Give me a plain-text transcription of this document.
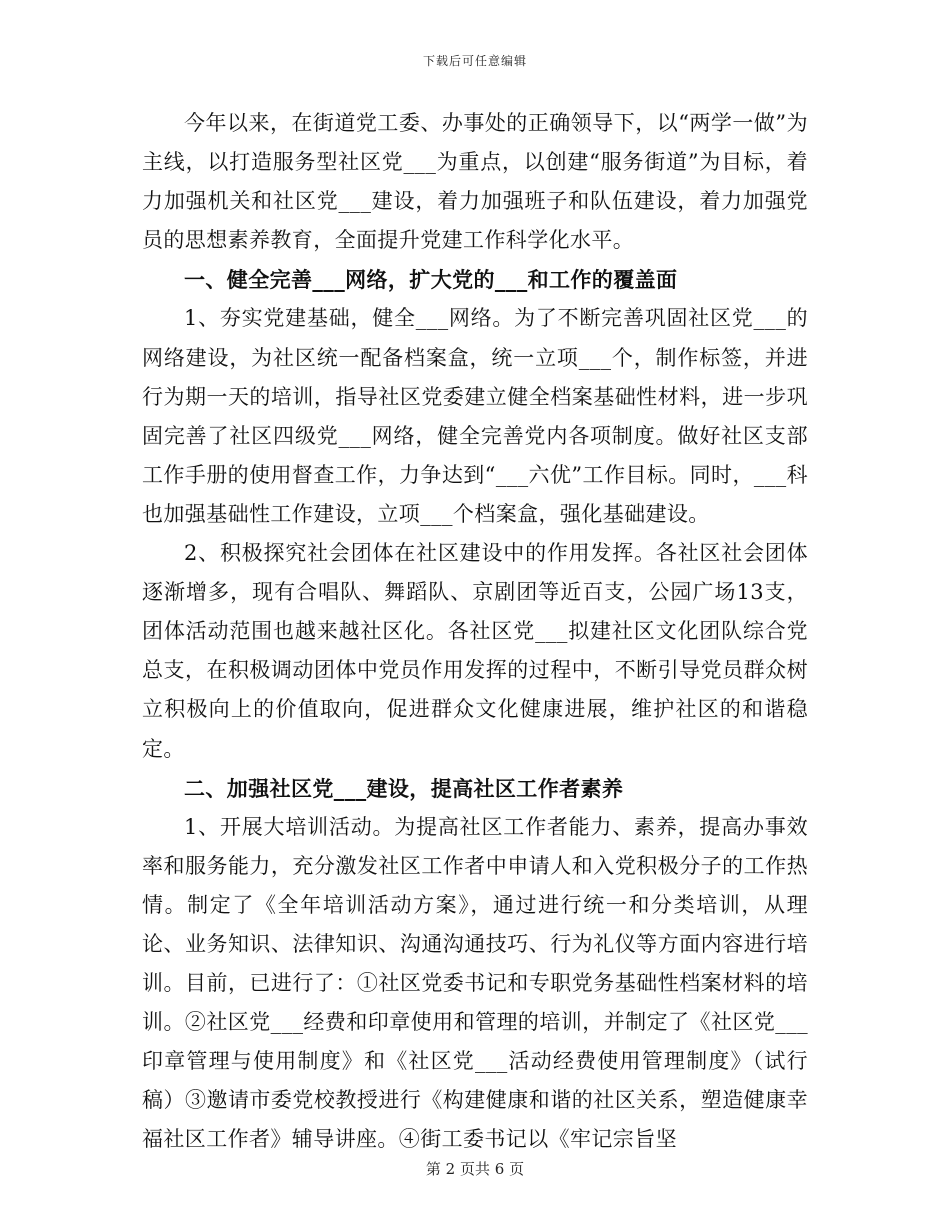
下载后可任意编辑

今年以来，在街道党工委、办事处的正确领导下，以“两学一做”为主线，以打造服务型社区党___为重点，以创建“服务街道”为目标，着力加强机关和社区党___建设，着力加强班子和队伍建设，着力加强党员的思想素养教育，全面提升党建工作科学化水平。

一、健全完善___网络，扩大党的___和工作的覆盖面

1、夯实党建基础，健全___网络。为了不断完善巩固社区党___的网络建设，为社区统一配备档案盒，统一立项___个，制作标签，并进行为期一天的培训，指导社区党委建立健全档案基础性材料，进一步巩固完善了社区四级党___网络，健全完善党内各项制度。做好社区支部工作手册的使用督查工作，力争达到“___六优”工作目标。同时，___科也加强基础性工作建设，立项___个档案盒，强化基础建设。

2、积极探究社会团体在社区建设中的作用发挥。各社区社会团体逐渐增多，现有合唱队、舞蹈队、京剧团等近百支，公园广场13支，团体活动范围也越来越社区化。各社区党___拟建社区文化团队综合党总支，在积极调动团体中党员作用发挥的过程中，不断引导党员群众树立积极向上的价值取向，促进群众文化健康进展，维护社区的和谐稳定。

二、加强社区党___建设，提高社区工作者素养

1、开展大培训活动。为提高社区工作者能力、素养，提高办事效率和服务能力，充分激发社区工作者中申请人和入党积极分子的工作热情。制定了《全年培训活动方案》，通过进行统一和分类培训，从理论、业务知识、法律知识、沟通沟通技巧、行为礼仪等方面内容进行培训。目前，已进行了：①社区党委书记和专职党务基础性档案材料的培训。②社区党___经费和印章使用和管理的培训，并制定了《社区党___印章管理与使用制度》和《社区党___活动经费使用管理制度》（试行稿）③邀请市委党校教授进行《构建健康和谐的社区关系，塑造健康幸福社区工作者》辅导讲座。④街工委书记以《牢记宗旨坚

第 2 页共 6 页
